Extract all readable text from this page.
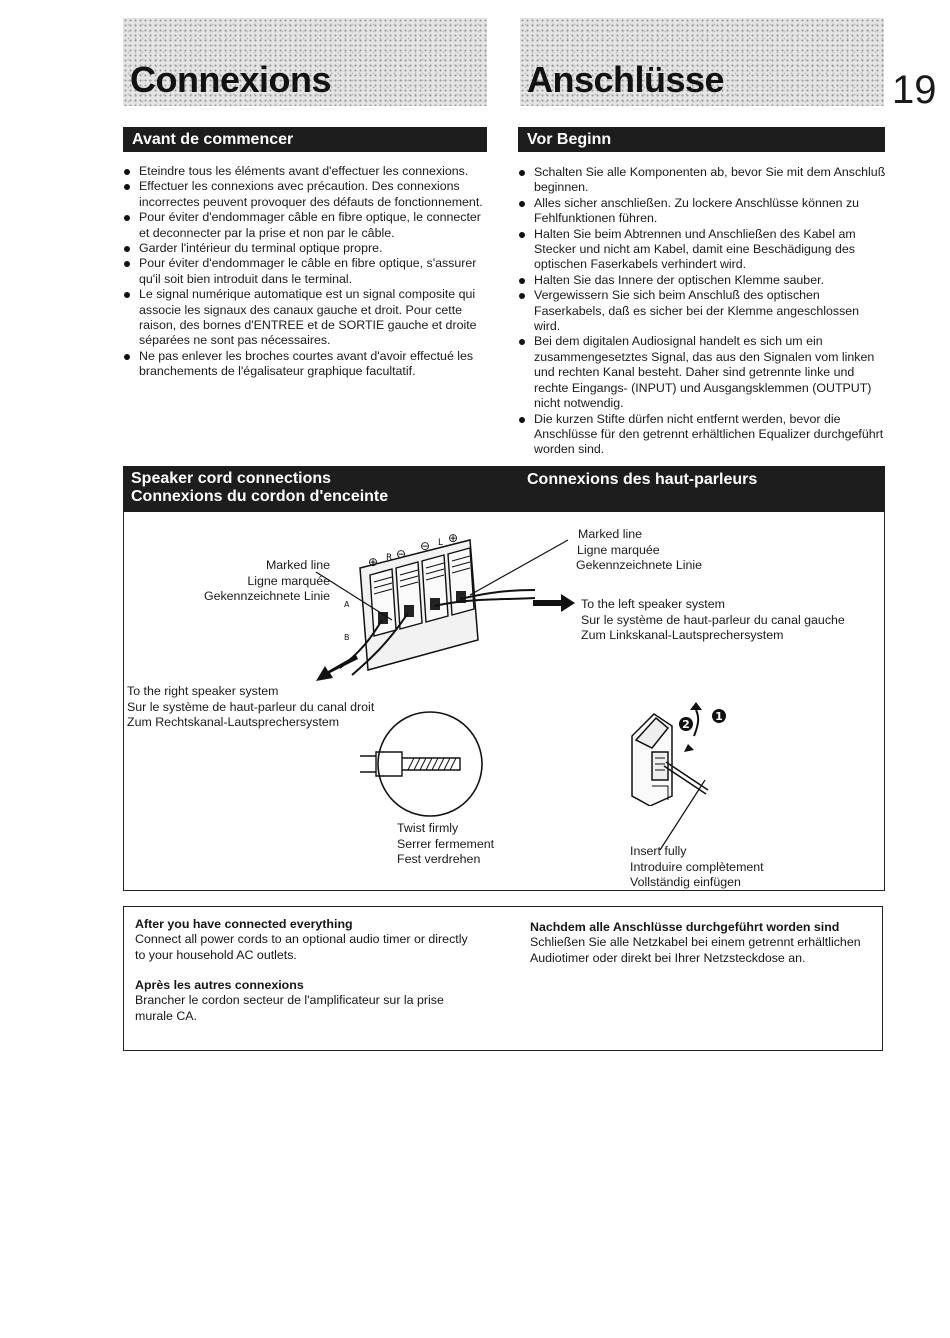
Connexions	Anschlüsse	19
Avant de commencer
Eteindre tous les éléments avant d'effectuer les connexions.
Effectuer les connexions avec précaution. Des connexions incorrectes peuvent provoquer des défauts de fonctionnement.
Pour éviter d'endommager câble en fibre optique, le connecter et deconnecter par la prise et non par le câble.
Garder l'intérieur du terminal optique propre.
Pour éviter d'endommager le câble en fibre optique, s'assurer qu'il soit bien introduit dans le terminal.
Le signal numérique automatique est un signal composite qui associe les signaux des canaux gauche et droit. Pour cette raison, des bornes d'ENTREE et de SORTIE gauche et droite séparées ne sont pas nécessaires.
Ne pas enlever les broches courtes avant d'avoir effectué les branchements de l'égalisateur graphique facultatif.
Vor Beginn
Schalten Sie alle Komponenten ab, bevor Sie mit dem Anschluß beginnen.
Alles sicher anschließen. Zu lockere Anschlüsse können zu Fehlfunktionen führen.
Halten Sie beim Abtrennen und Anschließen des Kabel am Stecker und nicht am Kabel, damit eine Beschädigung des optischen Faserkabels verhindert wird.
Halten Sie das Innere der optischen Klemme sauber.
Vergewissern Sie sich beim Anschluß des optischen Faserkabels, daß es sicher bei der Klemme angeschlossen wird.
Bei dem digitalen Audiosignal handelt es sich um ein zusammengesetztes Signal, das aus den Signalen vom linken und rechten Kanal besteht. Daher sind getrennte linke und rechte Eingangs- (INPUT) und Ausgangsklemmen (OUTPUT) nicht notwendig.
Die kurzen Stifte dürfen nicht entfernt werden, bevor die Anschlüsse für den getrennt erhältlichen Equalizer durchgeführt worden sind.
Speaker cord connections
Connexions du cordon d'enceinte
Connexions des haut-parleurs
⊕ R ⊖
⊖ L ⊕
A
B
Marked line
Ligne marquée
Gekennzeichnete Linie
Marked line
Ligne marquée
Gekennzeichnete Linie
To the left speaker system
Sur le système de haut-parleur du canal gauche
Zum Linkskanal-Lautsprechersystem
To the right speaker system
Sur le système de haut-parleur du canal droit
Zum Rechtskanal-Lautsprechersystem
Twist firmly
Serrer fermement
Fest verdrehen
2
1
Insert fully
Introduire complètement
Vollständig einfügen
After you have connected everything
Connect all power cords to an optional audio timer or directly to your household AC outlets.
Après les autres connexions
Brancher le cordon secteur de l'amplificateur sur la prise murale CA.
Nachdem alle Anschlüsse durchgeführt worden sind
Schließen Sie alle Netzkabel bei einem getrennt erhältlichen Audiotimer oder direkt bei Ihrer Netzsteckdose an.
